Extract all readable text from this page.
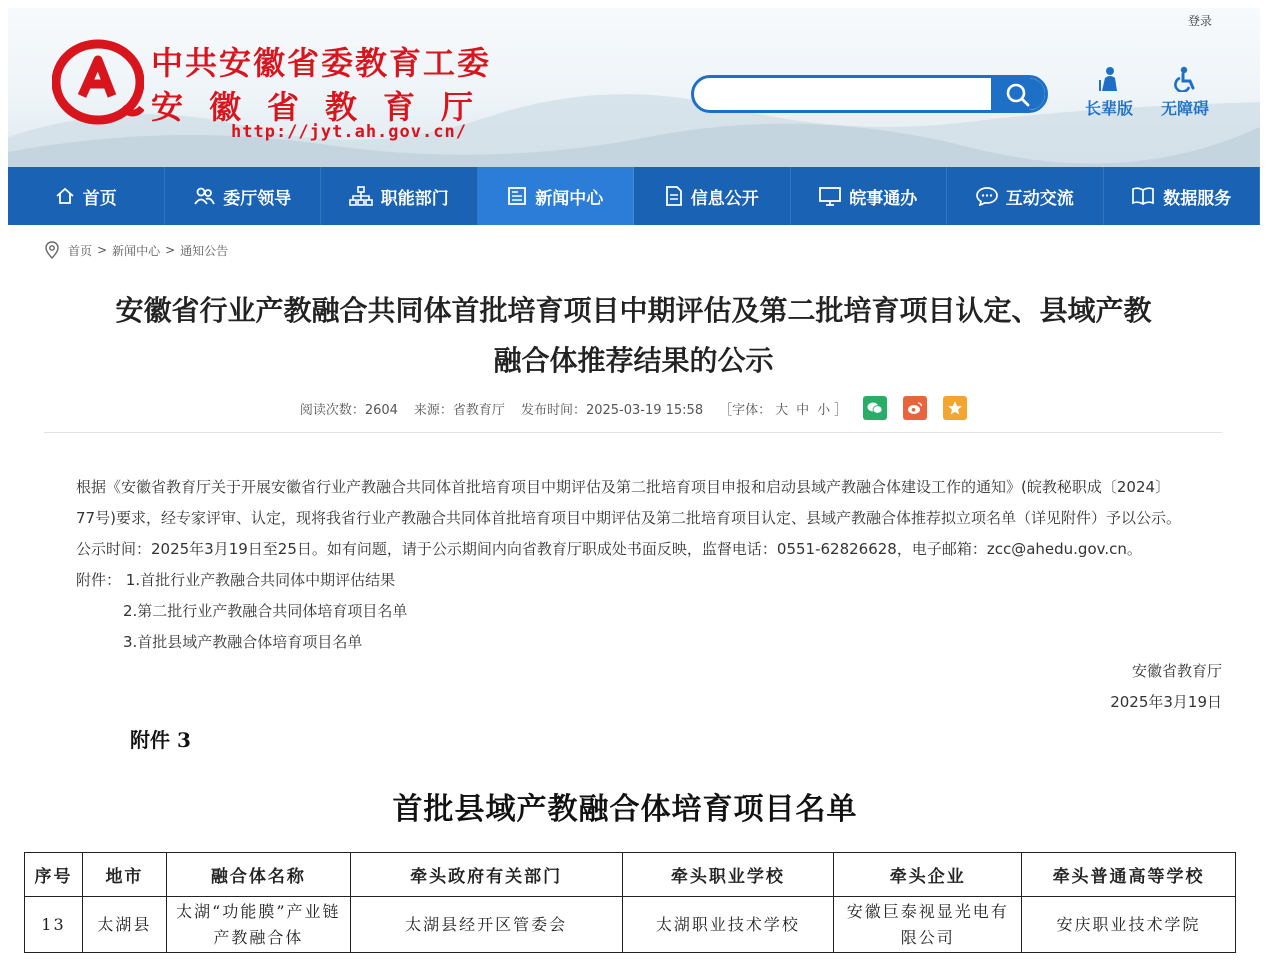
登录
中共安徽省委教育工委
安徽省教育厅
http://jyt.ah.gov.cn/
长辈版	无障碍
首页	委厅领导	职能部门	新闻中心	信息公开	皖事通办	互动交流	数据服务
首页 > 新闻中心 > 通知公告
安徽省行业产教融合共同体首批培育项目中期评估及第二批培育项目认定、县域产教
融合体推荐结果的公示
阅读次数：2604 来源：省教育厅 发布时间：2025-03-19 15:58 ［字体： 大 中 小 ］
根据《安徽省教育厅关于开展安徽省行业产教融合共同体首批培育项目中期评估及第二批培育项目申报和启动县域产教融合体建设工作的通知》(皖教秘职成〔2024〕
77号)要求，经专家评审、认定，现将我省行业产教融合共同体首批培育项目中期评估及第二批培育项目认定、县域产教融合体推荐拟立项名单（详见附件）予以公示。
公示时间：2025年3月19日至25日。如有问题，请于公示期间内向省教育厅职成处书面反映，监督电话：0551-62826628，电子邮箱：zcc@ahedu.gov.cn。
附件： 1.首批行业产教融合共同体中期评估结果
2.第二批行业产教融合共同体培育项目名单
3.首批县域产教融合体培育项目名单
安徽省教育厅
2025年3月19日
附件 3
首批县域产教融合体培育项目名单
序号	地市	融合体名称	牵头政府有关部门	牵头职业学校	牵头企业	牵头普通高等学校
13	太湖县	太湖“功能膜”产业链产教融合体	太湖县经开区管委会	太湖职业技术学校	安徽巨泰视显光电有限公司	安庆职业技术学院
